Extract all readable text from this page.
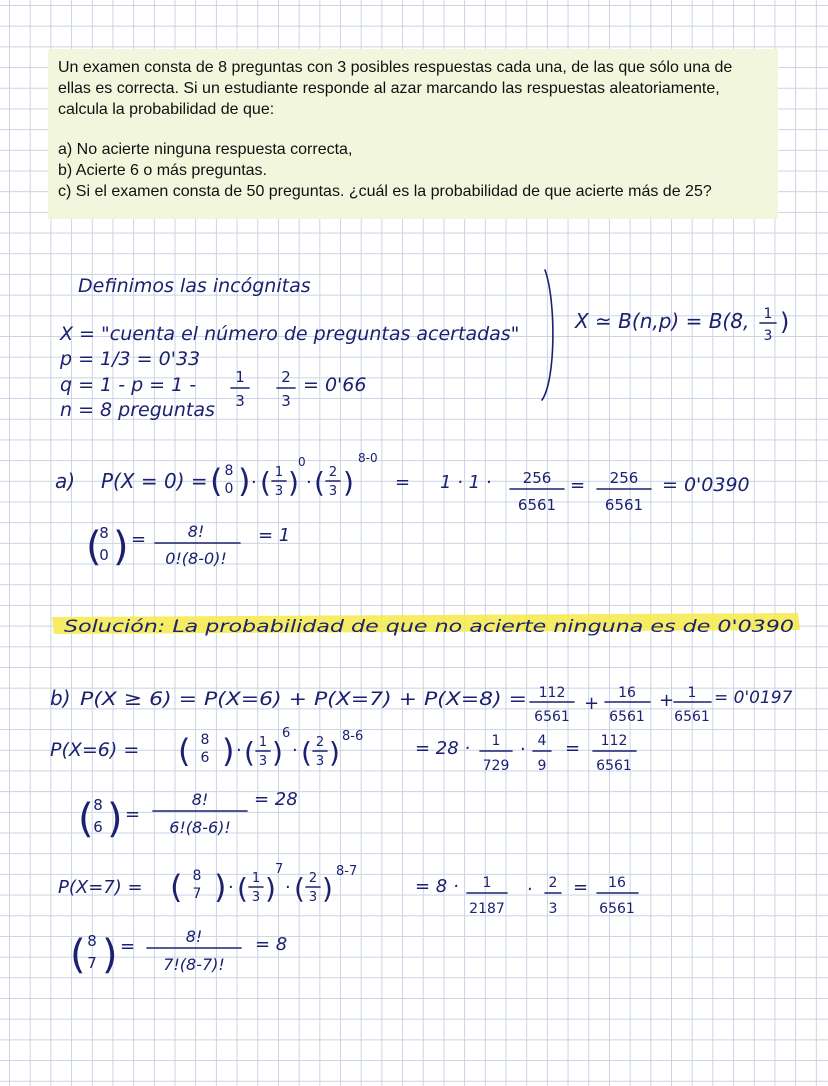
Un examen consta de 8 preguntas con 3 posibles respuestas cada una, de las que sólo una de ellas es correcta. Si un estudiante responde al azar marcando las respuestas aleatoriamente, calcula la probabilidad de que:

a) No acierte ninguna respuesta correcta,

b) Acierte 6 o más preguntas.

c) Si el examen consta de 50 preguntas. ¿cuál es la probabilidad de que acierte más de 25?

Definimos las incógnitas
X = "cuenta el número de preguntas acertadas"
p = 1/3 = 0'33
q = 1 - p = 1 -	1
3
2
3
= 0'66
n = 8 preguntas
X ≃ B(n,p) = B(8, 1
3 )
a) P(X = 0) = ( 8
0 ) · ( 1
3 )
0
· ( 2
3 )
8-0
= 1 · 1 · 256
6561
= 256
6561
= 0'0390
(
8
0 ) =	8!
0!(8-0)!
= 1
Solución: La probabilidad de que no acierte ninguna es de 0'0390
b) P(X ≥ 6) = P(X=6) + P(X=7) + P(X=8) = 112
6561
+ 16
6561
+ 1
6561
= 0'0197
P(X=6) = ( 8
6 ) · ( 1
3 )
6
· ( 2
3 ) 8-6
= 28 · 1
729
· 4
9
= 112
6561
( 8
6 ) =
8!
6!(8-6)!
= 28
P(X=7) = ( 8
7 ) · ( 1
3 )
7
· ( 2
3 )
8-7
= 8 · 1
2187
· 2
3
= 16
6561
( 8
7 ) =	8!
7!(8-7)!
= 8
